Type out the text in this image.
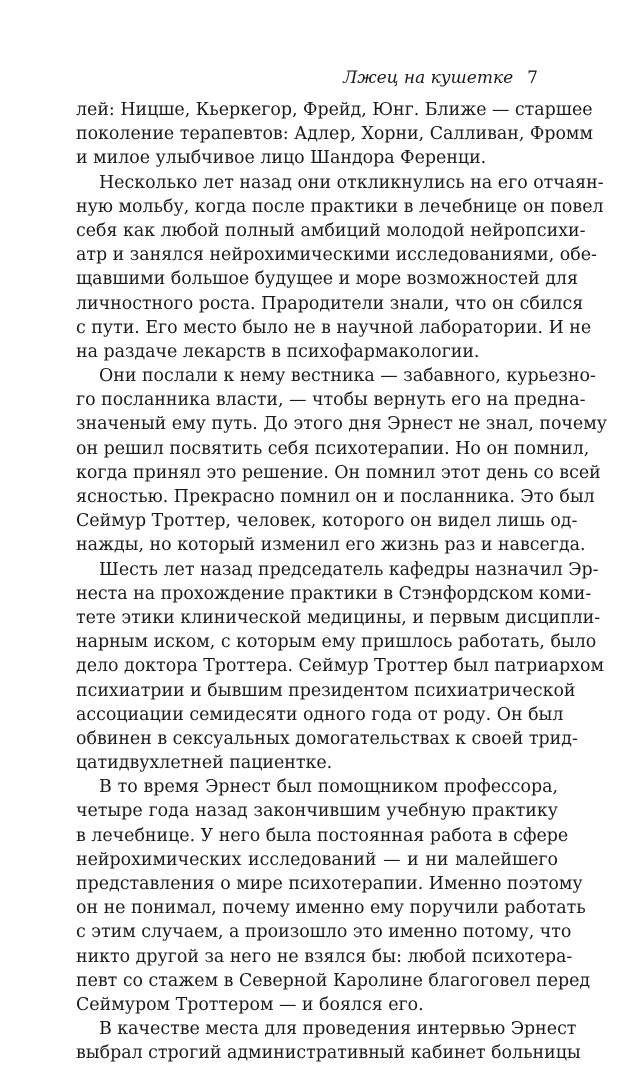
Лжец на кушетке 7
лей: Ницше, Кьеркегор, Фрейд, Юнг. Ближе — старшее
поколение терапевтов: Адлер, Хорни, Салливан, Фромм
и милое улыбчивое лицо Шандора Ференци.
Несколько лет назад они откликнулись на его отчаян-
ную мольбу, когда после практики в лечебнице он повел
себя как любой полный амбиций молодой нейропсихи-
атр и занялся нейрохимическими исследованиями, обе-
щавшими большое будущее и море возможностей для
личностного роста. Прародители знали, что он сбился
с пути. Его место было не в научной лаборатории. И не
на раздаче лекарств в психофармакологии.
Они послали к нему вестника — забавного, курьезно-
го посланника власти, — чтобы вернуть его на предна-
значеный ему путь. До этого дня Эрнест не знал, почему
он решил посвятить себя психотерапии. Но он помнил,
когда принял это решение. Он помнил этот день со всей
ясностью. Прекрасно помнил он и посланника. Это был
Сеймур Троттер, человек, которого он видел лишь од-
нажды, но который изменил его жизнь раз и навсегда.
Шесть лет назад председатель кафедры назначил Эр-
неста на прохождение практики в Стэнфордском коми-
тете этики клинической медицины, и первым дисципли-
нарным иском, с которым ему пришлось работать, было
дело доктора Троттера. Сеймур Троттер был патриархом
психиатрии и бывшим президентом психиатрической
ассоциации семидесяти одного года от роду. Он был
обвинен в сексуальных домогательствах к своей трид-
цатидвухлетней пациентке.
В то время Эрнест был помощником профессора,
четыре года назад закончившим учебную практику
в лечебнице. У него была постоянная работа в сфере
нейрохимических исследований — и ни малейшего
представления о мире психотерапии. Именно поэтому
он не понимал, почему именно ему поручили работать
с этим случаем, а произошло это именно потому, что
никто другой за него не взялся бы: любой психотера-
певт со стажем в Северной Каролине благоговел перед
Сеймуром Троттером — и боялся его.
В качестве места для проведения интервью Эрнест
выбрал строгий административный кабинет больницы
